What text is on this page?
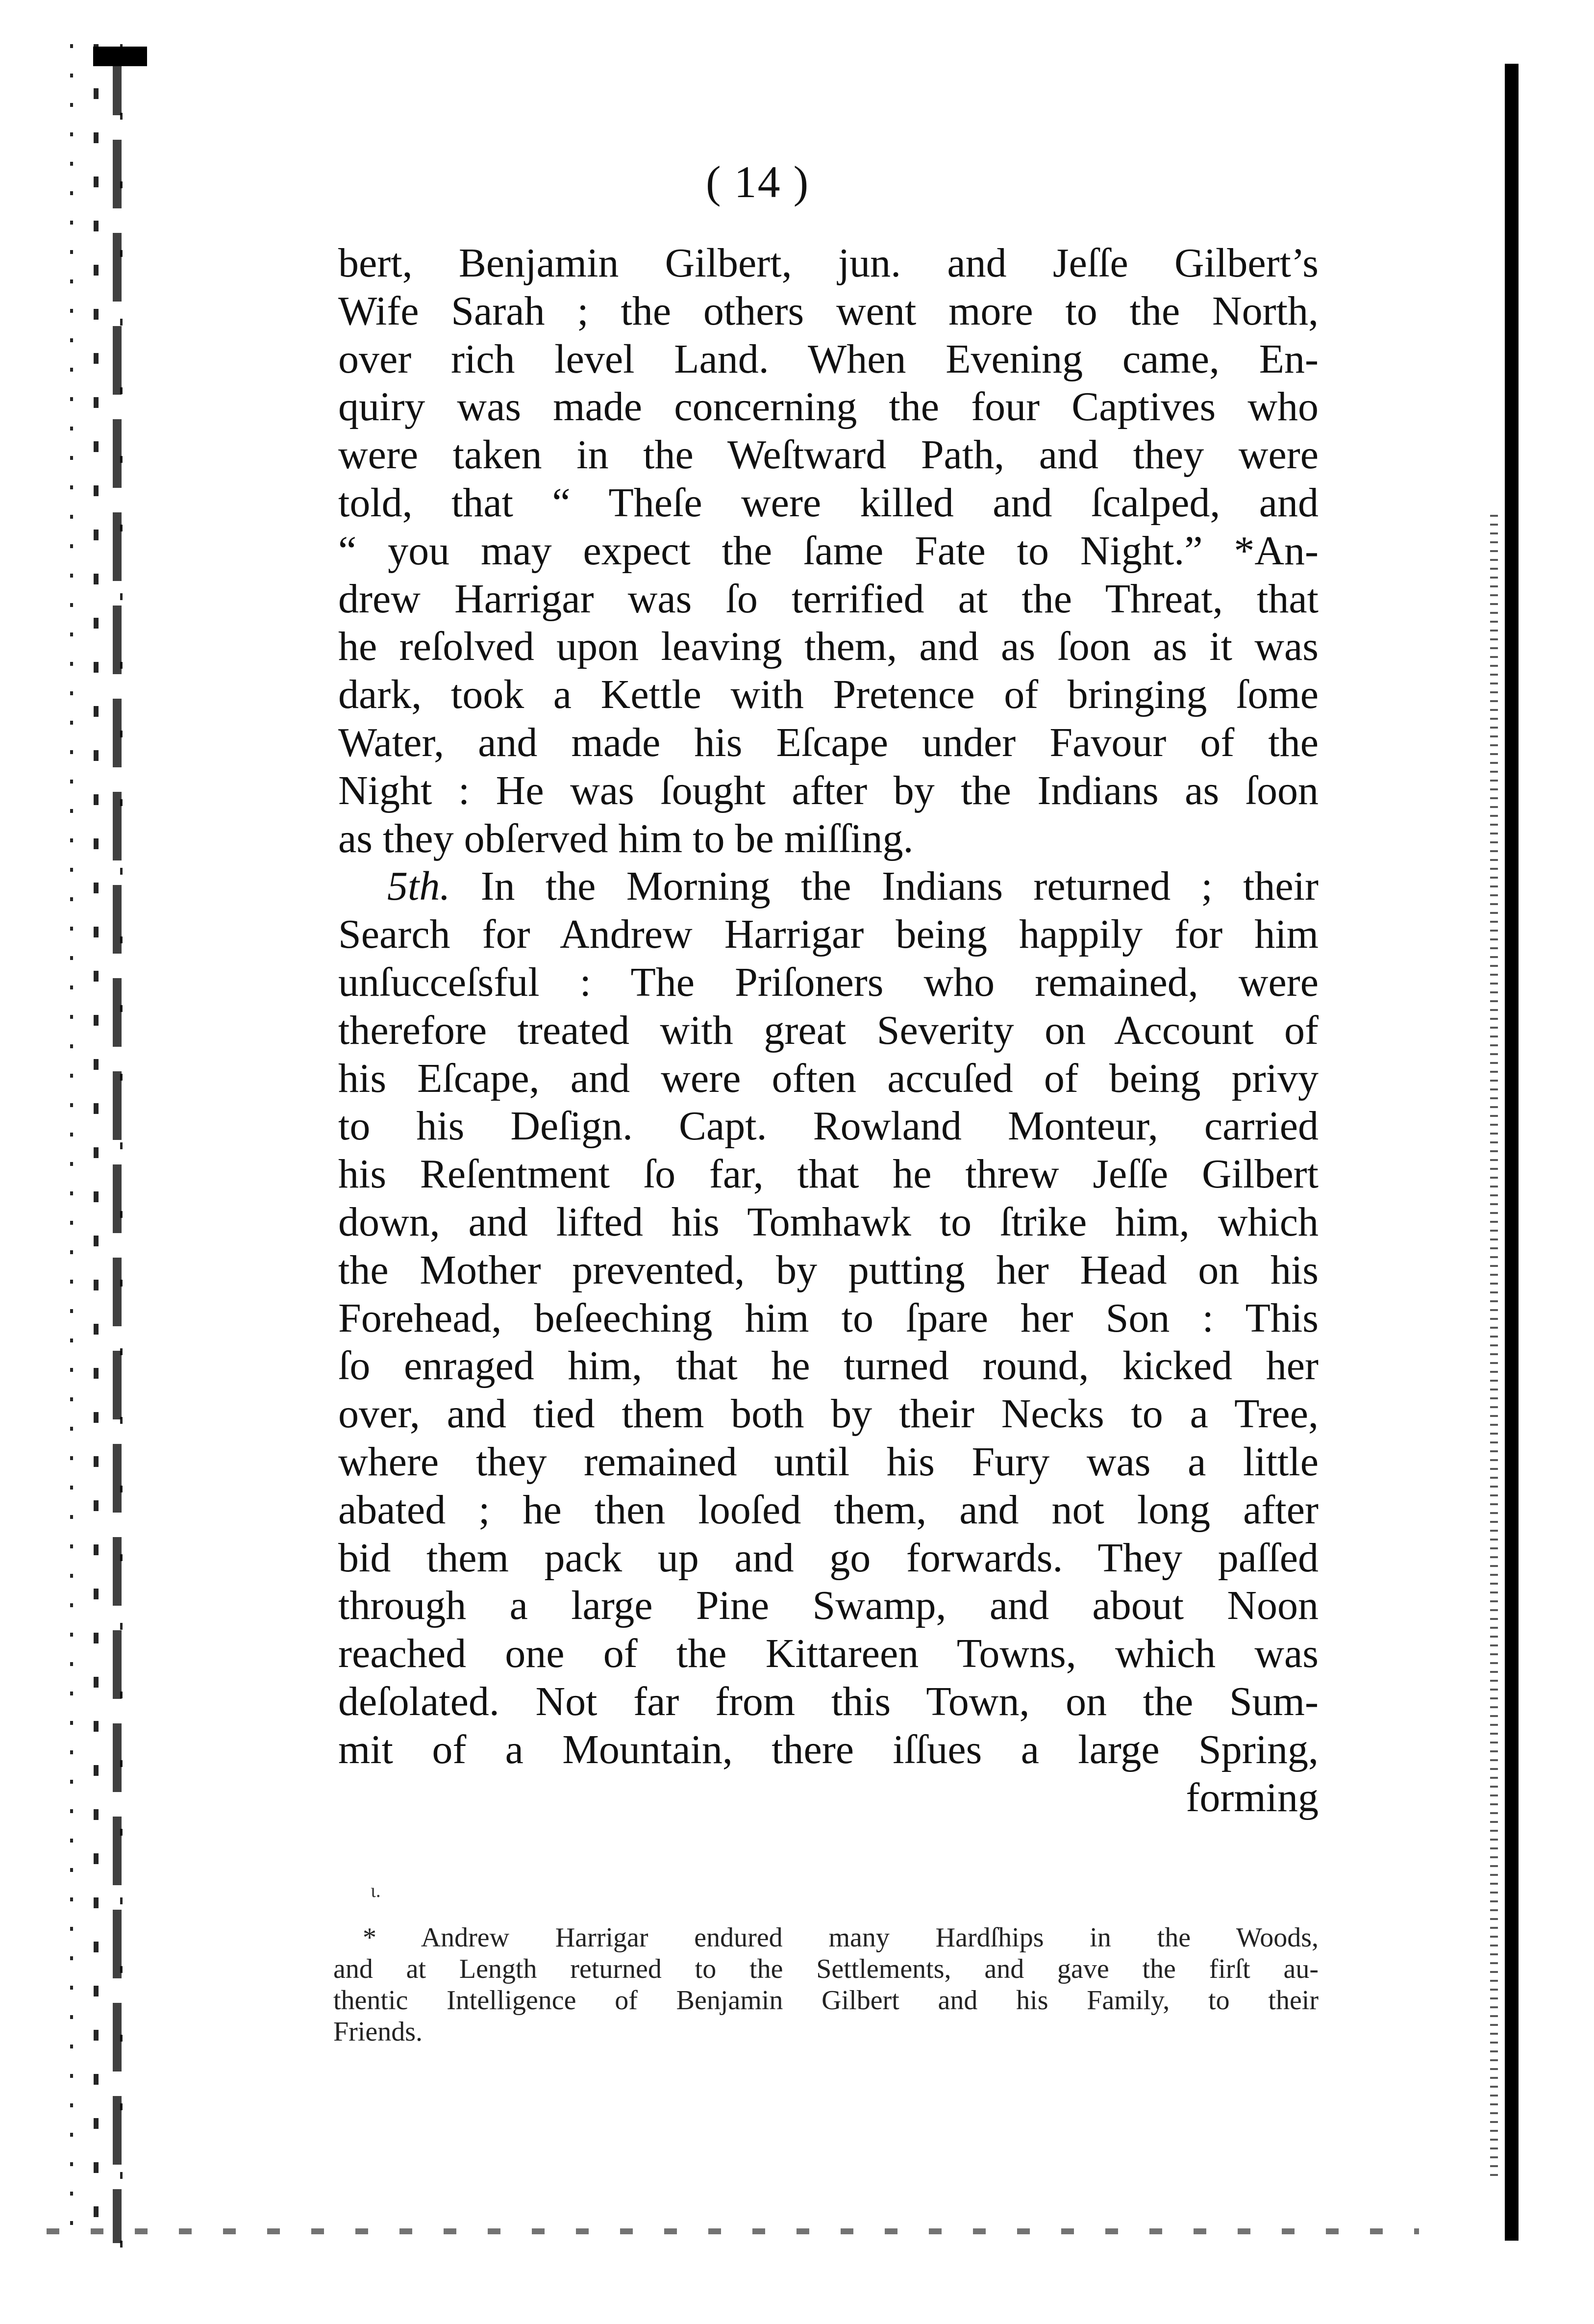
( 14 )
bert, Benjamin Gilbert, jun. and Jeſſe Gilbert’s
Wife Sarah ; the others went more to the North,
over rich level Land. When Evening came, En-
quiry was made concerning the four Captives who
were taken in the Weſtward Path, and they were
told, that “ Theſe were killed and ſcalped, and
“ you may expect the ſame Fate to Night.” *An-
drew Harrigar was ſo terrified at the Threat, that
he reſolved upon leaving them, and as ſoon as it was
dark, took a Kettle with Pretence of bringing ſome
Water, and made his Eſcape under Favour of the
Night : He was ſought after by the Indians as ſoon
as they obſerved him to be miſſing.
5th. In the Morning the Indians returned ; their
Search for Andrew Harrigar being happily for him
unſucceſsful : The Priſoners who remained, were
therefore treated with great Severity on Account of
his Eſcape, and were often accuſed of being privy
to his Deſign. Capt. Rowland Monteur, carried
his Reſentment ſo far, that he threw Jeſſe Gilbert
down, and lifted his Tomhawk to ſtrike him, which
the Mother prevented, by putting her Head on his
Forehead, beſeeching him to ſpare her Son : This
ſo enraged him, that he turned round, kicked her
over, and tied them both by their Necks to a Tree,
where they remained until his Fury was a little
abated ; he then looſed them, and not long after
bid them pack up and go forwards. They paſſed
through a large Pine Swamp, and about Noon
reached one of the Kittareen Towns, which was
deſolated. Not far from this Town, on the Sum-
mit of a Mountain, there iſſues a large Spring,
forming
ɩ.
* Andrew Harrigar endured many Hardſhips in the Woods,
and at Length returned to the Settlements, and gave the firſt au-
thentic Intelligence of Benjamin Gilbert and his Family, to their
Friends.
